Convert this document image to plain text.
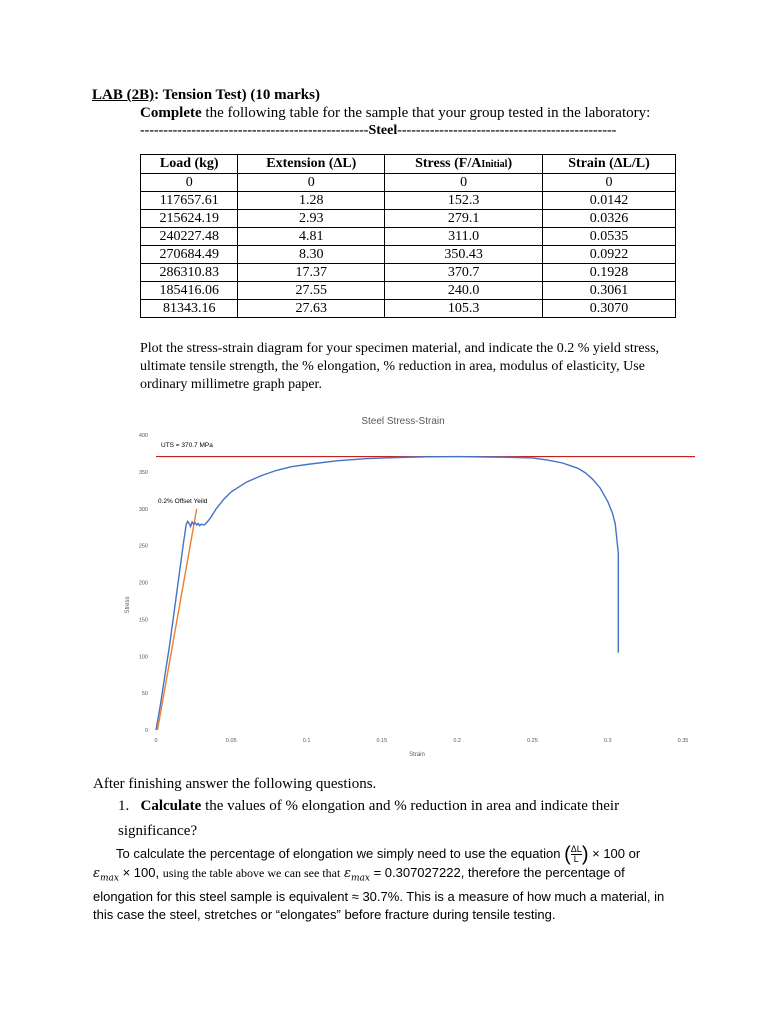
LAB (2B): Tension Test) (10 marks)
Complete the following table for the sample that your group tested in the laboratory:
-------------------------------------------------Steel-----------------------------------------------
Load (kg)	Extension (ΔL)	Stress (F/AInitial)	Strain (ΔL/L)
0	0	0	0
117657.61	1.28	152.3	0.0142
215624.19	2.93	279.1	0.0326
240227.48	4.81	311.0	0.0535
270684.49	8.30	350.43	0.0922
286310.83	17.37	370.7	0.1928
185416.06	27.55	240.0	0.3061
81343.16	27.63	105.3	0.3070
Plot the stress-strain diagram for your specimen material, and indicate the 0.2 % yield stress, ultimate tensile strength, the % elongation, % reduction in area, modulus of elasticity, Use ordinary millimetre graph paper.
Steel Stress-Strain
0
50
100
150
200
250
300
350
400
0	0.05	0.1	0.15	0.2	0.25	0.3	0.35
Stress
Strain
UTS = 370.7 MPa
0.2% Offset Yeild
After finishing answer the following questions.
1. Calculate the values of % elongation and % reduction in area and indicate their significance?
To calculate the percentage of elongation we simply need to use the equation ( $\frac{\Delta L}{L}$ ) × 100 or
$\varepsilon_{max} \times 100$, using the table above we can see that $\varepsilon_{max} = 0.307027222$, therefore the percentage of elongation for this steel sample is equivalent ≈ 30.7%. This is a measure of how much a material, in this case the steel, stretches or “elongates” before fracture during tensile testing.
